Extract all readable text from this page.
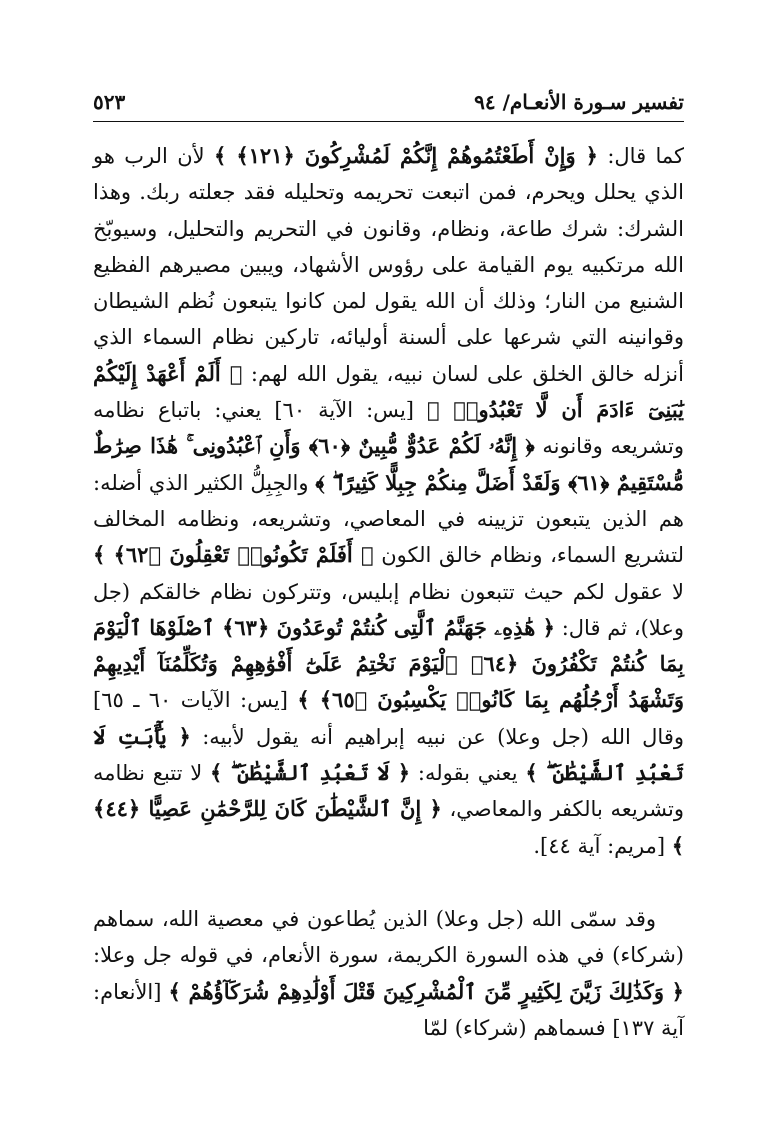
تفسير سـورة الأنعـام/ ٩٤
٥٢٣

كما قال: ﴿ وَإِنْ أَطَعْتُمُوهُمْ إِنَّكُمْ لَمُشْرِكُونَ ﴿١٢١﴾ ﴾ لأن الرب هو الذي يحلل ويحرم، فمن اتبعت تحريمه وتحليله فقد جعلته ربك. وهذا الشرك: شرك طاعة، ونظام، وقانون في التحريم والتحليل، وسيوبّخ الله مرتكبيه يوم القيامة على رؤوس الأشهاد، ويبين مصيرهم الفظيع الشنيع من النار؛ وذلك أن الله يقول لمن كانوا يتبعون نُظم الشيطان وقوانينه التي شرعها على ألسنة أوليائه، تاركين نظام السماء الذي أنزله خالق الخلق على لسان نبيه، يقول الله لهم: ﴿ أَلَمْ أَعْهَدْ إِلَيْكُمْ يَٰبَنِىٓ ءَادَمَ أَن لَّا تَعْبُدُوا۟ ﴾ [يس: الآية ٦٠] يعني: باتباع نظامه وتشريعه وقانونه ﴿ إِنَّهُۥ لَكُمْ عَدُوٌّ مُّبِينٌ ﴿٦٠﴾ وَأَنِ ٱعْبُدُونِى ۚ هَٰذَا صِرَٰطٌ مُّسْتَقِيمٌ ﴿٦١﴾ وَلَقَدْ أَضَلَّ مِنكُمْ جِبِلًّا كَثِيرًا ۖ ﴾ والجِبِلُّ الكثير الذي أضله: هم الذين يتبعون تزيينه في المعاصي، وتشريعه، ونظامه المخالف لتشريع السماء، ونظام خالق الكون ﴿ أَفَلَمْ تَكُونُوا۟ تَعْقِلُونَ ﴿٦٢﴾ ﴾ لا عقول لكم حيث تتبعون نظام إبليس، وتتركون نظام خالقكم (جل وعلا)، ثم قال: ﴿ هَٰذِهِۦ جَهَنَّمُ ٱلَّتِى كُنتُمْ تُوعَدُونَ ﴿٦٣﴾ ٱصْلَوْهَا ٱلْيَوْمَ بِمَا كُنتُمْ تَكْفُرُونَ ﴿٦٤﴾ ٱلْيَوْمَ نَخْتِمُ عَلَىٰٓ أَفْوَٰهِهِمْ وَتُكَلِّمُنَآ أَيْدِيهِمْ وَتَشْهَدُ أَرْجُلُهُم بِمَا كَانُوا۟ يَكْسِبُونَ ﴿٦٥﴾ ﴾ [يس: الآيات ٦٠ ـ ٦٥] وقال الله (جل وعلا) عن نبيه إبراهيم أنه يقول لأبيه: ﴿ يَٰٓأَبَتِ لَا تَعْبُدِ ٱلشَّيْطَٰنَ ۖ ﴾ يعني بقوله: ﴿ لَا تَعْبُدِ ٱلشَّيْطَٰنَ ۖ ﴾ لا تتبع نظامه وتشريعه بالكفر والمعاصي، ﴿ إِنَّ ٱلشَّيْطَٰنَ كَانَ لِلرَّحْمَٰنِ عَصِيًّا ﴿٤٤﴾ ﴾ [مريم: آية ٤٤].

وقد سمّى الله (جل وعلا) الذين يُطاعون في معصية الله، سماهم (شركاء) في هذه السورة الكريمة، سورة الأنعام، في قوله جل وعلا: ﴿ وَكَذَٰلِكَ زَيَّنَ لِكَثِيرٍ مِّنَ ٱلْمُشْرِكِينَ قَتْلَ أَوْلَٰدِهِمْ شُرَكَآؤُهُمْ ﴾ [الأنعام: آية ١٣٧] فسماهم (شركاء) لمّا
